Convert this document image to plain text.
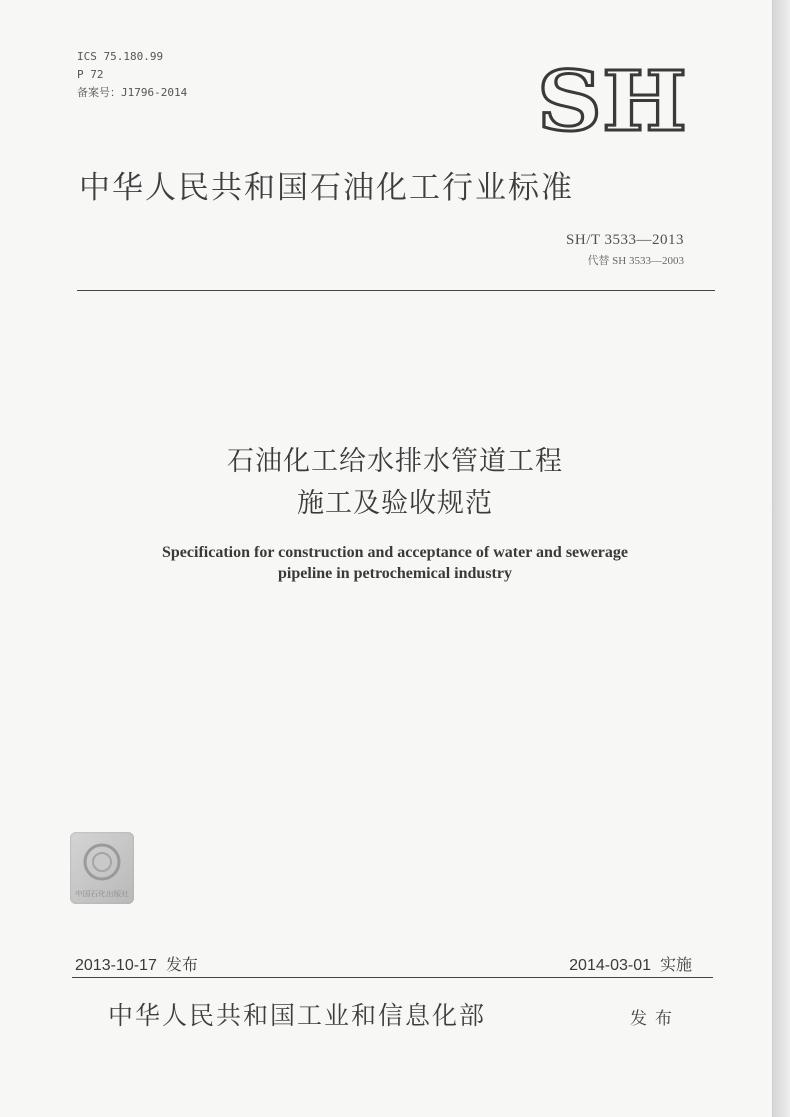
ICS 75.180.99
P 72
备案号：J1796-2014	SH
中华人民共和国石油化工行业标准
SH/T 3533—2013
代替 SH 3533—2003
石油化工给水排水管道工程
施工及验收规范
Specification for construction and acceptance of water and sewerage
pipeline in petrochemical industry
中国石化出版社
2013-10-17 发布	2014-03-01 实施
中华人民共和国工业和信息化部	发布
